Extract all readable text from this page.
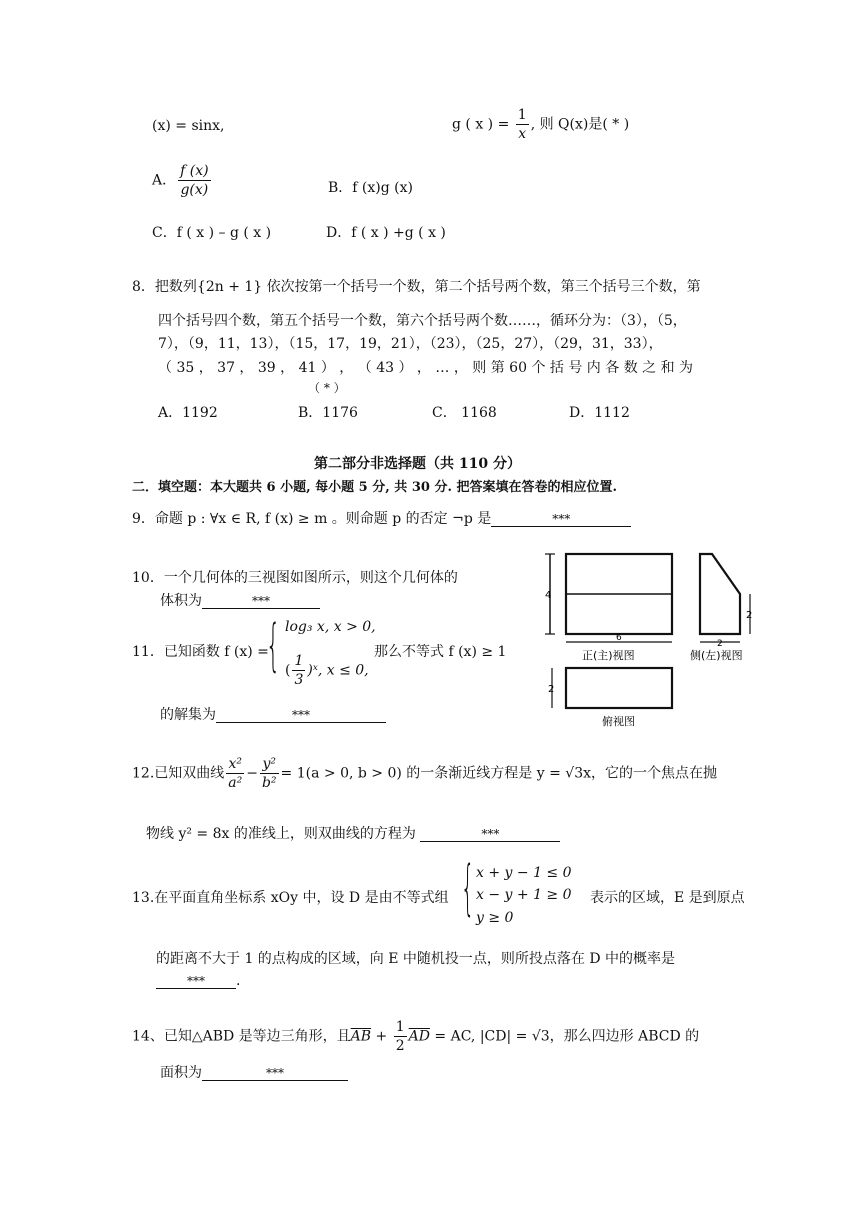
(x) = sinx,	g ( x ) = $\frac{1}{x}$ , 则 Q(x)是( * )
A． $\frac{f (x)}{g(x)}$	B．f (x)g (x)
C．f ( x ) – g ( x )	D．f ( x ) +g ( x )
8．把数列{2n + 1} 依次按第一个括号一个数，第二个括号两个数，第三个括号三个数，第
四个括号四个数，第五个括号一个数，第六个括号两个数……，循环分为：（3），（5，
7），（9，11，13），（15，17，19，21），（23），（25，27），（29，31，33），
（ 35 ， 37 ， 39 ， 41 ） ， （ 43 ） ， … ， 则 第 60 个 括 号 内 各 数 之 和 为
（ * ）
A．1192	B．1176	C． 1168	D．1112
第二部分非选择题（共 110 分）
二．填空题：本大题共 6 小题, 每小题 5 分, 共 30 分. 把答案填在答卷的相应位置.
9．命题 p : ∀x ∈ R, f (x) ≥ m 。则命题 p 的否定 ¬p 是	***
10．一个几何体的三视图如图所示，则这个几何体的
体积为	***
11．已知函数 f (x) =
{ log₃ x, x > 0,
( $\frac{1}{3}$ )ˣ, x ≤ 0,
那么不等式 f (x) ≥ 1
的解集为	***
4
6
正(主)视图
2
2
侧(左)视图
2
俯视图
12.已知双曲线 $\frac{\text{x²}}{\text{a²}} - \frac{\text{y²}}{\text{b²}} = 1(a > 0$, b > 0) 的一条渐近线方程是 y = √3x，它的一个焦点在抛
物线 y² = 8x 的准线上，则双曲线的方程为	***
13.在平面直角坐标系 xOy 中，设 D 是由不等式组 { x + y − 1 ≤ 0
x − y + 1 ≥ 0
y ≥ 0
表示的区域，E 是到原点
的距离不大于 1 的点构成的区域，向 E 中随机投一点，则所投点落在 D 中的概率是
*** .
14、已知△ABD 是等边三角形，且$\overline{AB} + \frac{1}{2} \overline{AD}$ = AC, |CD| = √3，那么四边形 ABCD 的
面积为	***
